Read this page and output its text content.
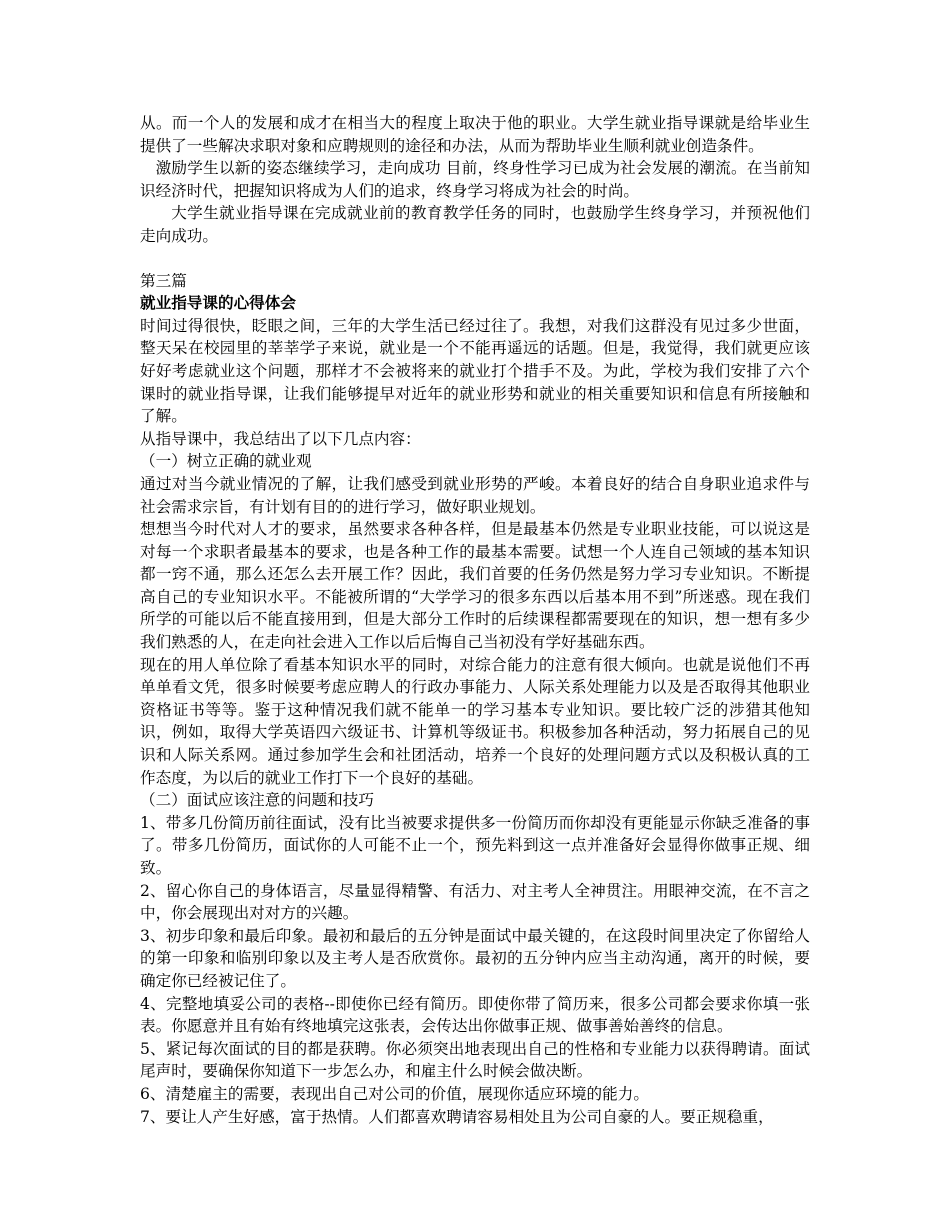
从。而一个人的发展和成才在相当大的程度上取决于他的职业。大学生就业指导课就是给毕业生提供了一些解决求职对象和应聘规则的途径和办法，从而为帮助毕业生顺利就业创造条件。

激励学生以新的姿态继续学习，走向成功 目前，终身性学习已成为社会发展的潮流。在当前知识经济时代，把握知识将成为人们的追求，终身学习将成为社会的时尚。

大学生就业指导课在完成就业前的教育教学任务的同时，也鼓励学生终身学习，并预祝他们走向成功。

第三篇

就业指导课的心得体会

时间过得很快，眨眼之间，三年的大学生活已经过往了。我想，对我们这群没有见过多少世面，整天呆在校园里的莘莘学子来说，就业是一个不能再遥远的话题。但是，我觉得，我们就更应该好好考虑就业这个问题，那样才不会被将来的就业打个措手不及。为此，学校为我们安排了六个课时的就业指导课，让我们能够提早对近年的就业形势和就业的相关重要知识和信息有所接触和了解。

从指导课中，我总结出了以下几点内容：

（一）树立正确的就业观

通过对当今就业情况的了解，让我们感受到就业形势的严峻。本着良好的结合自身职业追求件与社会需求宗旨，有计划有目的的进行学习，做好职业规划。

想想当今时代对人才的要求，虽然要求各种各样，但是最基本仍然是专业职业技能，可以说这是对每一个求职者最基本的要求，也是各种工作的最基本需要。试想一个人连自己领域的基本知识都一窍不通，那么还怎么去开展工作？因此，我们首要的任务仍然是努力学习专业知识。不断提高自己的专业知识水平。不能被所谓的“大学学习的很多东西以后基本用不到”所迷惑。现在我们所学的可能以后不能直接用到，但是大部分工作时的后续课程都需要现在的知识，想一想有多少我们熟悉的人，在走向社会进入工作以后后悔自己当初没有学好基础东西。

现在的用人单位除了看基本知识水平的同时，对综合能力的注意有很大倾向。也就是说他们不再单单看文凭，很多时候要考虑应聘人的行政办事能力、人际关系处理能力以及是否取得其他职业资格证书等等。鉴于这种情况我们就不能单一的学习基本专业知识。要比较广泛的涉猎其他知识，例如，取得大学英语四六级证书、计算机等级证书。积极参加各种活动，努力拓展自己的见识和人际关系网。通过参加学生会和社团活动，培养一个良好的处理问题方式以及积极认真的工作态度，为以后的就业工作打下一个良好的基础。

（二）面试应该注意的问题和技巧

1、带多几份简历前往面试，没有比当被要求提供多一份简历而你却没有更能显示你缺乏准备的事了。带多几份简历，面试你的人可能不止一个，预先料到这一点并准备好会显得你做事正规、细致。

2、留心你自己的身体语言，尽量显得精警、有活力、对主考人全神贯注。用眼神交流，在不言之中，你会展现出对对方的兴趣。

3、初步印象和最后印象。最初和最后的五分钟是面试中最关键的，在这段时间里决定了你留给人的第一印象和临别印象以及主考人是否欣赏你。最初的五分钟内应当主动沟通，离开的时候，要确定你已经被记住了。

4、完整地填妥公司的表格--即使你已经有简历。即使你带了简历来，很多公司都会要求你填一张表。你愿意并且有始有终地填完这张表，会传达出你做事正规、做事善始善终的信息。

5、紧记每次面试的目的都是获聘。你必须突出地表现出自己的性格和专业能力以获得聘请。面试尾声时，要确保你知道下一步怎么办，和雇主什么时候会做决断。

6、清楚雇主的需要，表现出自己对公司的价值，展现你适应环境的能力。

7、要让人产生好感，富于热情。人们都喜欢聘请容易相处且为公司自豪的人。要正规稳重，
